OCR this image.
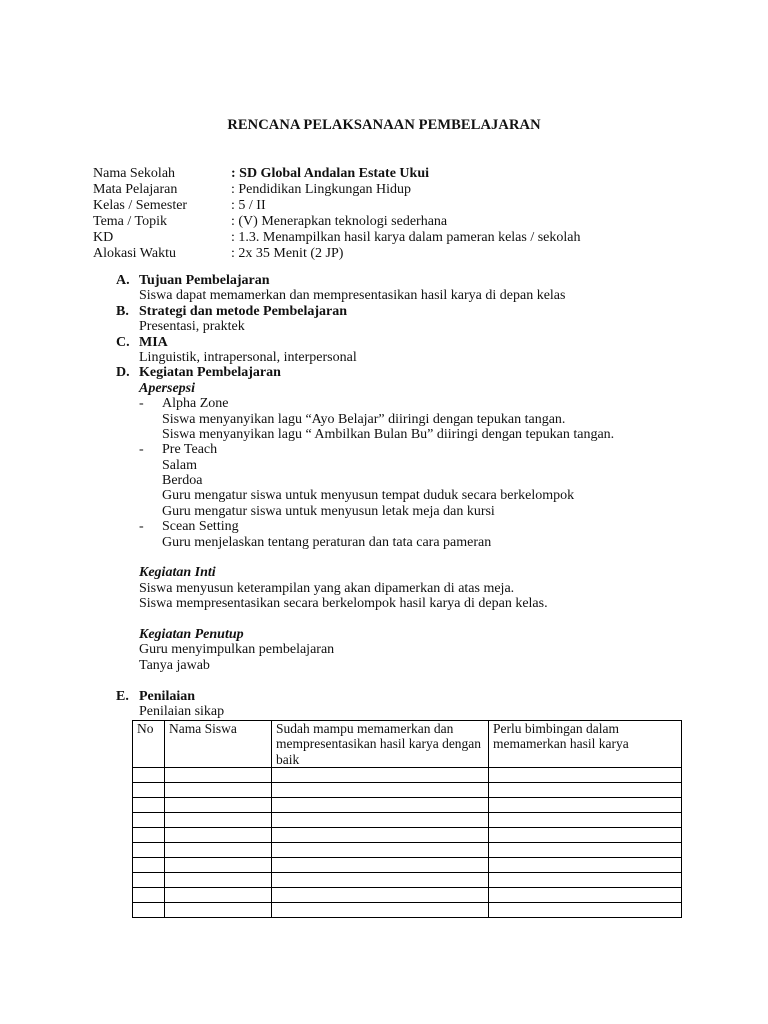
RENCANA PELAKSANAAN PEMBELAJARAN
Nama Sekolah	: SD Global Andalan Estate Ukui
Mata Pelajaran	: Pendidikan Lingkungan Hidup
Kelas / Semester	: 5 / II
Tema / Topik	: (V) Menerapkan teknologi sederhana
KD	: 1.3. Menampilkan hasil karya dalam pameran kelas / sekolah
Alokasi Waktu	: 2x 35 Menit (2 JP)
A. Tujuan Pembelajaran
Siswa dapat memamerkan dan mempresentasikan hasil karya di depan kelas
B. Strategi dan metode Pembelajaran
Presentasi, praktek
C. MIA
Linguistik, intrapersonal, interpersonal
D. Kegiatan Pembelajaran
Apersepsi
-	Alpha Zone
Siswa menyanyikan lagu “Ayo Belajar” diiringi dengan tepukan tangan.
Siswa menyanyikan lagu “ Ambilkan Bulan Bu” diiringi dengan tepukan tangan.
-	Pre Teach
Salam
Berdoa
Guru mengatur siswa untuk menyusun tempat duduk secara berkelompok
Guru mengatur siswa untuk menyusun letak meja dan kursi
-	Scean Setting
Guru menjelaskan tentang peraturan dan tata cara pameran
Kegiatan Inti
Siswa menyusun keterampilan yang akan dipamerkan di atas meja.
Siswa mempresentasikan secara berkelompok hasil karya di depan kelas.
Kegiatan Penutup
Guru menyimpulkan pembelajaran
Tanya jawab
E. Penilaian
Penilaian sikap
No	Nama Siswa	Sudah mampu memamerkan dan mempresentasikan hasil karya dengan baik	Perlu bimbingan dalam memamerkan hasil karya
